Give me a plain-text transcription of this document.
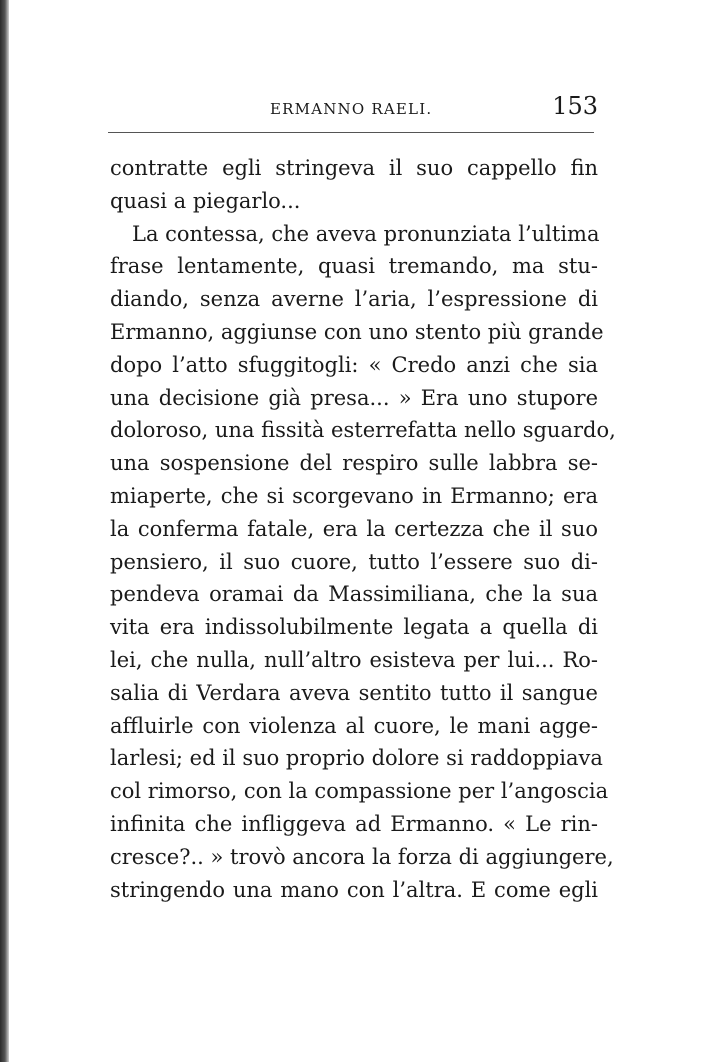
ERMANNO RAELI.	153
contratte egli stringeva il suo cappello fin
quasi a piegarlo...
La contessa, che aveva pronunziata l’ultima
frase lentamente, quasi tremando, ma stu-
diando, senza averne l’aria, l’espressione di
Ermanno, aggiunse con uno stento più grande
dopo l’atto sfuggitogli: « Credo anzi che sia
una decisione già presa... » Era uno stupore
doloroso, una fissità esterrefatta nello sguardo,
una sospensione del respiro sulle labbra se-
miaperte, che si scorgevano in Ermanno; era
la conferma fatale, era la certezza che il suo
pensiero, il suo cuore, tutto l’essere suo di-
pendeva oramai da Massimiliana, che la sua
vita era indissolubilmente legata a quella di
lei, che nulla, null’altro esisteva per lui... Ro-
salia di Verdara aveva sentito tutto il sangue
affluirle con violenza al cuore, le mani agge-
larlesi; ed il suo proprio dolore si raddoppiava
col rimorso, con la compassione per l’angoscia
infinita che infliggeva ad Ermanno. « Le rin-
cresce?.. » trovò ancora la forza di aggiungere,
stringendo una mano con l’altra. E come egli
